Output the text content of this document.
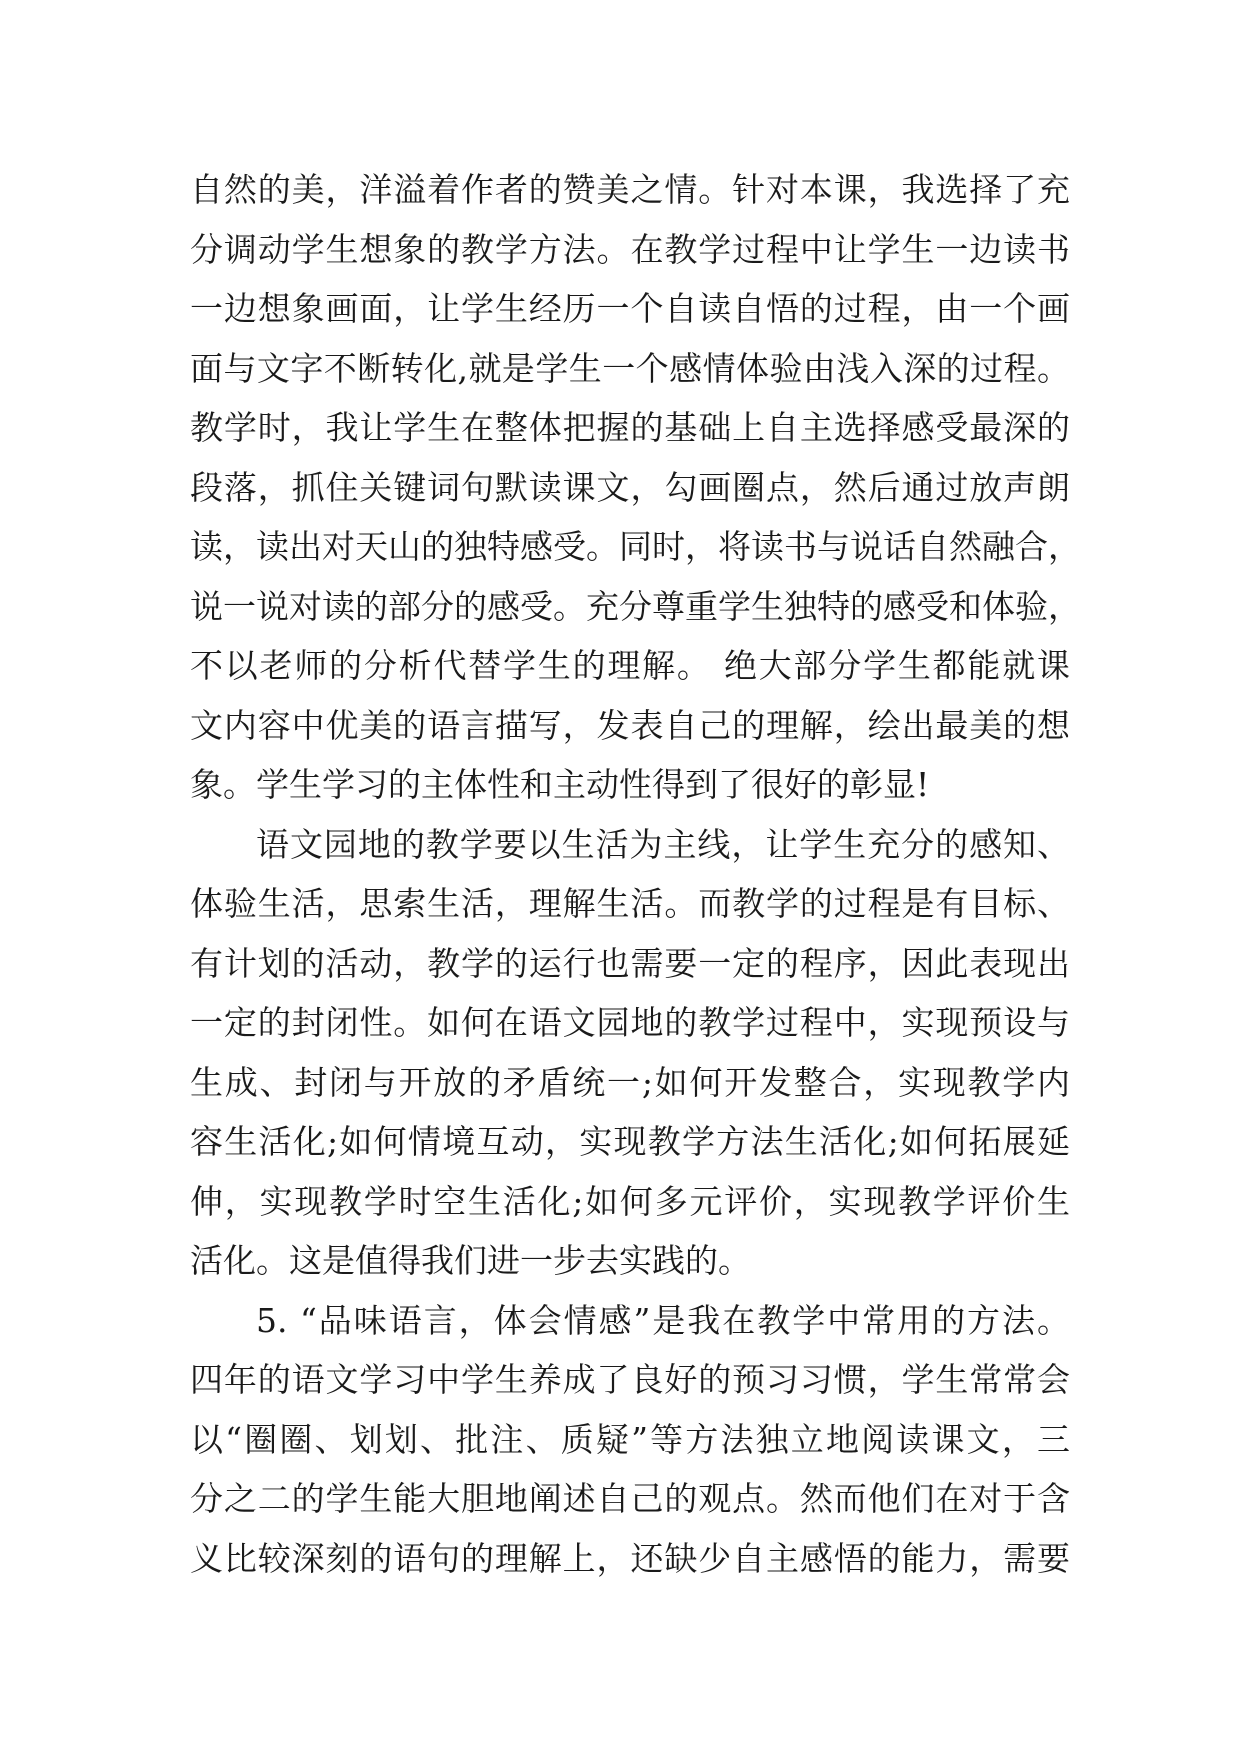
自然的美，洋溢着作者的赞美之情。针对本课，我选择了充
分调动学生想象的教学方法。在教学过程中让学生一边读书
一边想象画面，让学生经历一个自读自悟的过程，由一个画
面与文字不断转化,就是学生一个感情体验由浅入深的过程。
教学时，我让学生在整体把握的基础上自主选择感受最深的
段落，抓住关键词句默读课文，勾画圈点，然后通过放声朗
读，读出对天山的独特感受。同时，将读书与说话自然融合，
说一说对读的部分的感受。充分尊重学生独特的感受和体验，
不以老师的分析代替学生的理解。 绝大部分学生都能就课
文内容中优美的语言描写，发表自己的理解，绘出最美的想
象。学生学习的主体性和主动性得到了很好的彰显!
语文园地的教学要以生活为主线，让学生充分的感知、
体验生活，思索生活，理解生活。而教学的过程是有目标、
有计划的活动，教学的运行也需要一定的程序，因此表现出
一定的封闭性。如何在语文园地的教学过程中，实现预设与
生成、封闭与开放的矛盾统一;如何开发整合，实现教学内
容生活化;如何情境互动，实现教学方法生活化;如何拓展延
伸，实现教学时空生活化;如何多元评价，实现教学评价生
活化。这是值得我们进一步去实践的。
5. “品味语言，体会情感”是我在教学中常用的方法。
四年的语文学习中学生养成了良好的预习习惯，学生常常会
以“圈圈、划划、批注、质疑”等方法独立地阅读课文，三
分之二的学生能大胆地阐述自己的观点。然而他们在对于含
义比较深刻的语句的理解上，还缺少自主感悟的能力，需要
